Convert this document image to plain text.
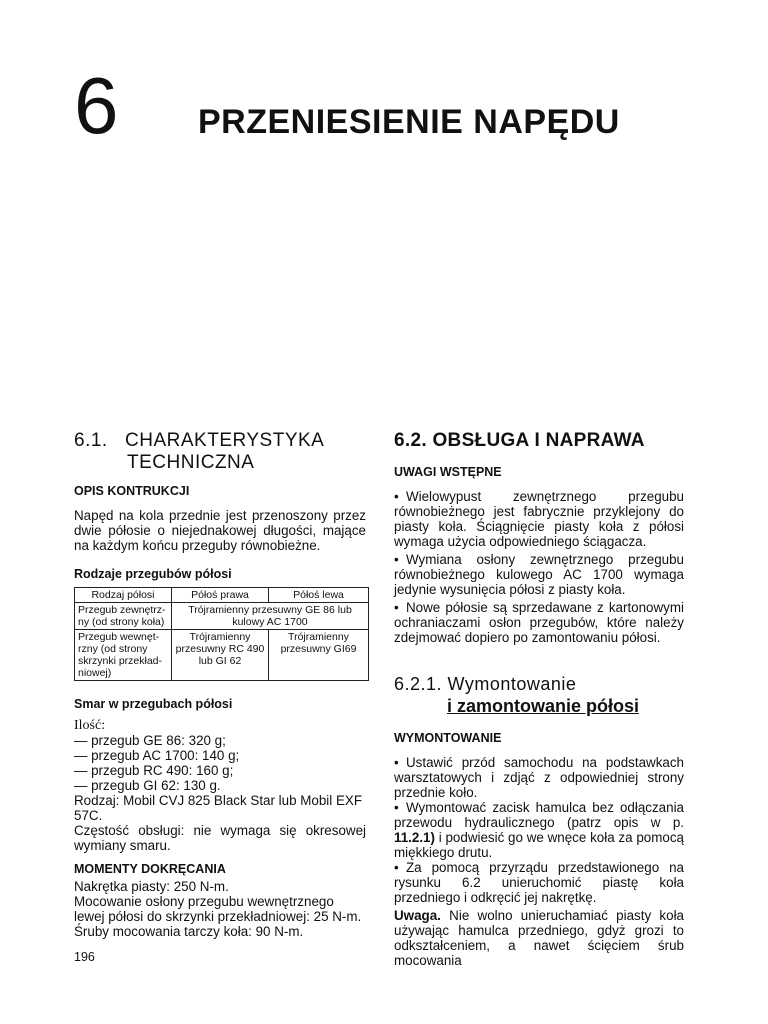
6 PRZENIESIENIE NAPĘDU
6.1. CHARAKTERYSTYKA
TECHNICZNA
OPIS KONTRUKCJI

Napęd na kola przednie jest przenoszony przez dwie półosie o niejednakowej długości, mające na każdym końcu przeguby równobieżne.

Rodzaje przegubów półosi
Rodzaj półosi	Półoś prawa	Półoś lewa
Przegub zewnętrz-ny (od strony koła)	Trójramienny przesuwny GE 86 lub kulowy AC 1700	
Przegub wewnęt-rzny (od strony skrzynki przekład-niowej)	Trójramienny przesuwny RC 490 lub GI 62	Trójramienny przesuwny GI69
Smar w przegubach półosi
Ilość:
— przegub GE 86: 320 g;
— przegub AC 1700: 140 g;
— przegub RC 490: 160 g;
— przegub GI 62: 130 g.

Rodzaj: Mobil CVJ 825 Black Star lub Mobil EXF 57C.

Częstość obsługi: nie wymaga się okresowej wymiany smaru.

MOMENTY DOKRĘCANIA

Nakrętka piasty: 250 N-m.

Mocowanie osłony przegubu wewnętrznego lewej półosi do skrzynki przekładniowej: 25 N-m.

Śruby mocowania tarczy koła: 90 N-m.

6.2. OBSŁUGA I NAPRAWA
UWAGI WSTĘPNE

• Wielowypust zewnętrznego przegubu równobieżnego jest fabrycznie przyklejony do piasty koła. Ściągnięcie piasty koła z półosi wymaga użycia odpowiedniego ściągacza.

• Wymiana osłony zewnętrznego przegubu równobieżnego kulowego AC 1700 wymaga jedynie wysunięcia półosi z piasty koła.

• Nowe półosie są sprzedawane z kartonowymi ochraniaczami osłon przegubów, które należy zdejmować dopiero po zamontowaniu półosi.

6.2.1. Wymontowanie
i zamontowanie półosi
WYMONTOWANIE

• Ustawić przód samochodu na podstawkach warsztatowych i zdjąć z odpowiedniej strony przednie koło.

• Wymontować zacisk hamulca bez odłączania przewodu hydraulicznego (patrz opis w p. 11.2.1) i podwiesić go we wnęce koła za pomocą miękkiego drutu.

• Za pomocą przyrządu przedstawionego na rysunku 6.2 unieruchomić piastę koła przedniego i odkręcić jej nakrętkę.

Uwaga. Nie wolno unieruchamiać piasty koła używając hamulca przedniego, gdyż grozi to odkształceniem, a nawet ścięciem śrub mocowania

196
